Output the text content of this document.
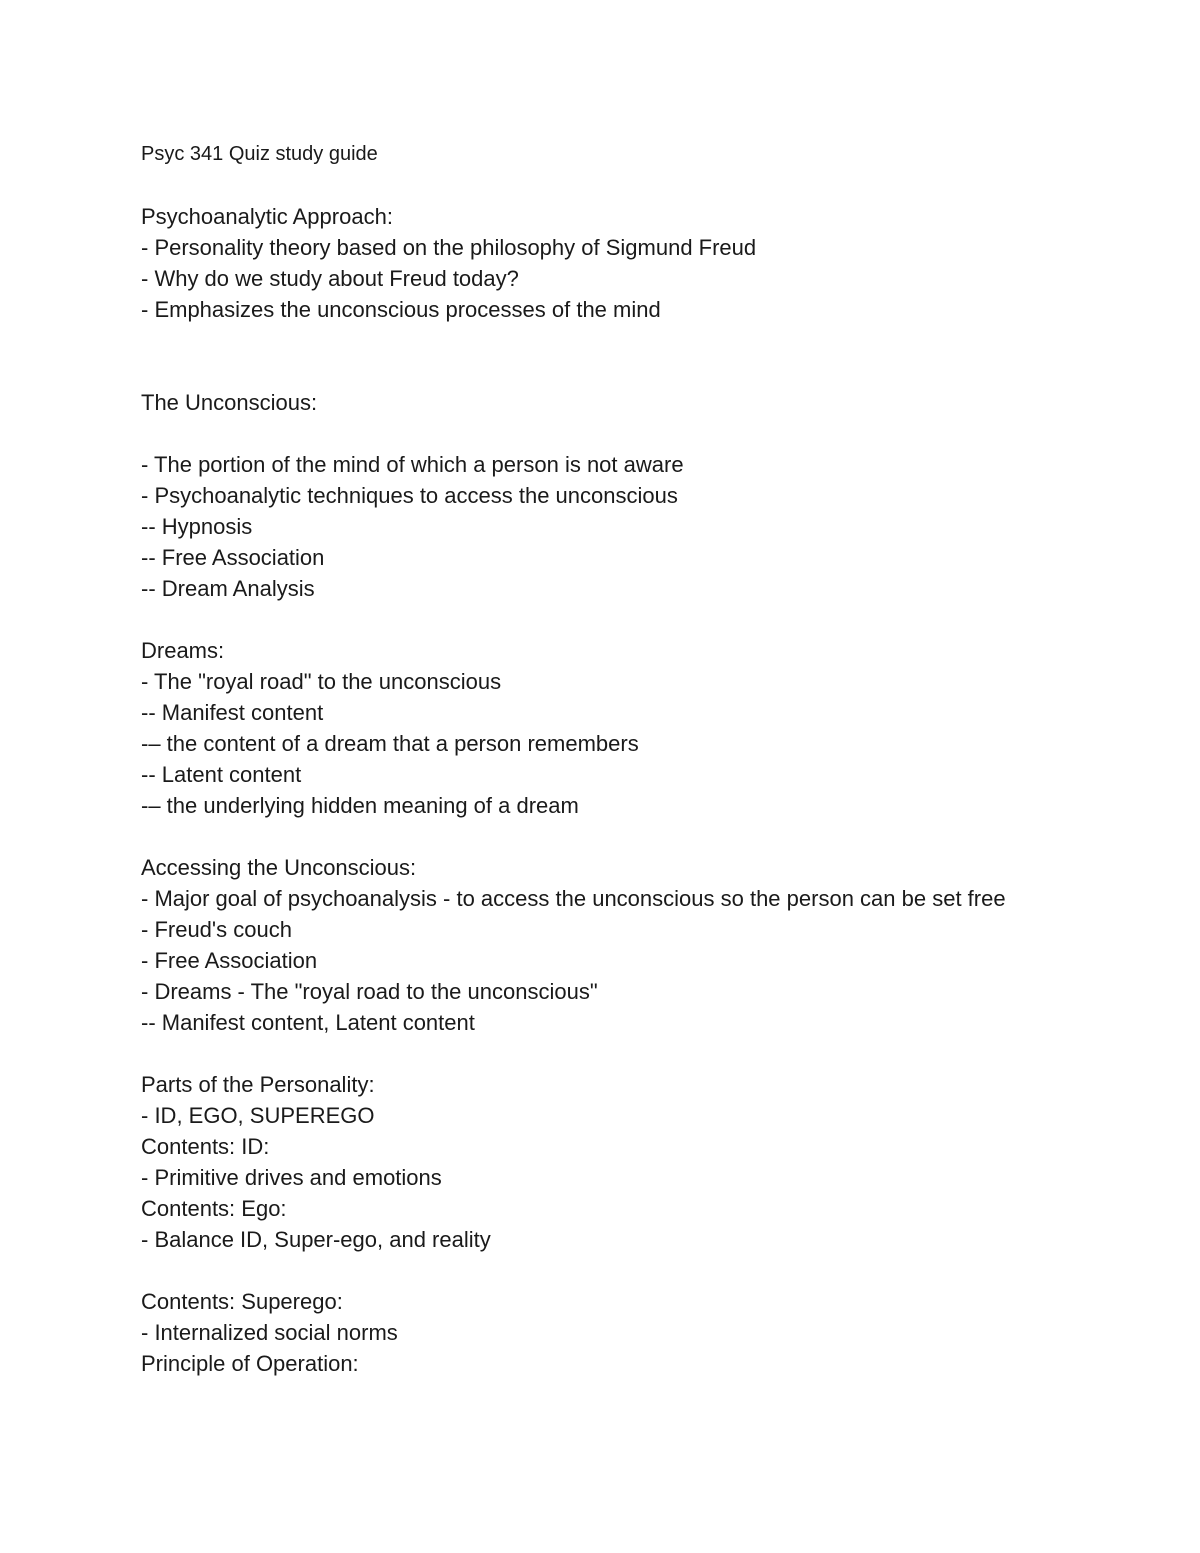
Psyc 341 Quiz study guide

Psychoanalytic Approach:

- Personality theory based on the philosophy of Sigmund Freud

- Why do we study about Freud today?

- Emphasizes the unconscious processes of the mind

The Unconscious:

- The portion of the mind of which a person is not aware

- Psychoanalytic techniques to access the unconscious

-- Hypnosis

-- Free Association

-- Dream Analysis

Dreams:

- The "royal road" to the unconscious

-- Manifest content

-– the content of a dream that a person remembers

-- Latent content

-– the underlying hidden meaning of a dream

Accessing the Unconscious:

- Major goal of psychoanalysis - to access the unconscious so the person can be set free

- Freud's couch

- Free Association

- Dreams - The "royal road to the unconscious"

-- Manifest content, Latent content

Parts of the Personality:

- ID, EGO, SUPEREGO

Contents: ID:

- Primitive drives and emotions

Contents: Ego:

- Balance ID, Super-ego, and reality

Contents: Superego:

- Internalized social norms

Principle of Operation:
